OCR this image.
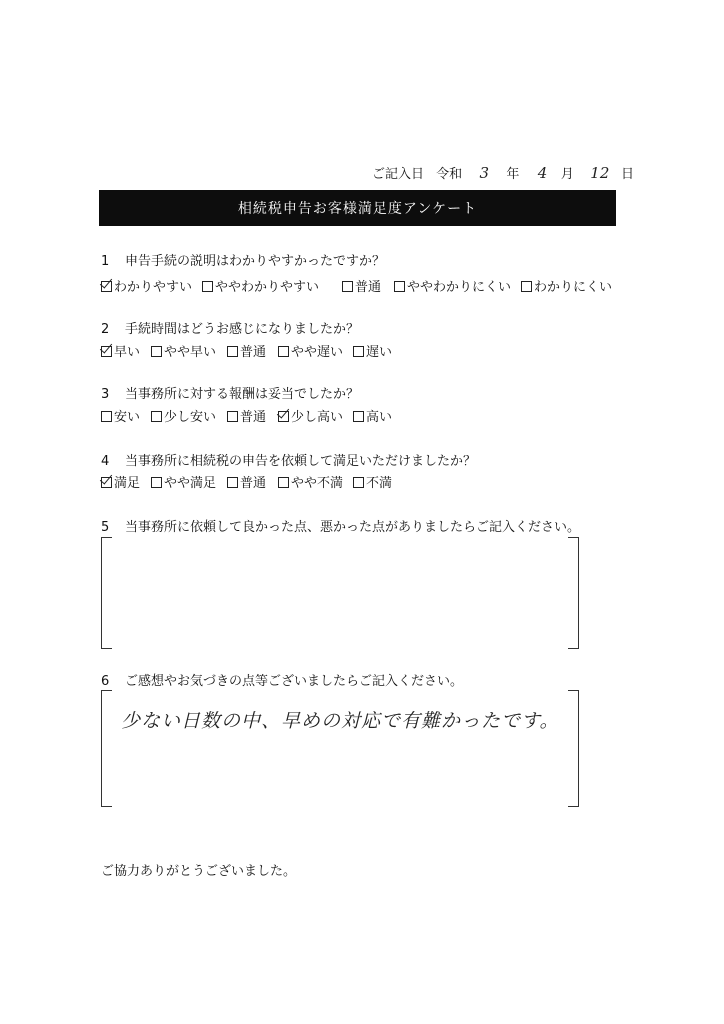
ご記入日 令和 3 年 4 月 12 日
相続税申告お客様満足度アンケート
1 申告手続の説明はわかりやすかったですか？
わかりやすい	ややわかりやすい	普通	ややわかりにくい	わかりにくい
2 手続時間はどうお感じになりましたか？
早い	やや早い	普通	やや遅い	遅い
3 当事務所に対する報酬は妥当でしたか？
安い	少し安い	普通	少し高い	高い
4 当事務所に相続税の申告を依頼して満足いただけましたか？
満足	やや満足	普通	やや不満	不満
5 当事務所に依頼して良かった点、悪かった点がありましたらご記入ください。
6 ご感想やお気づきの点等ございましたらご記入ください。
少ない日数の中、早めの対応で有難かったです。
ご協力ありがとうございました。
